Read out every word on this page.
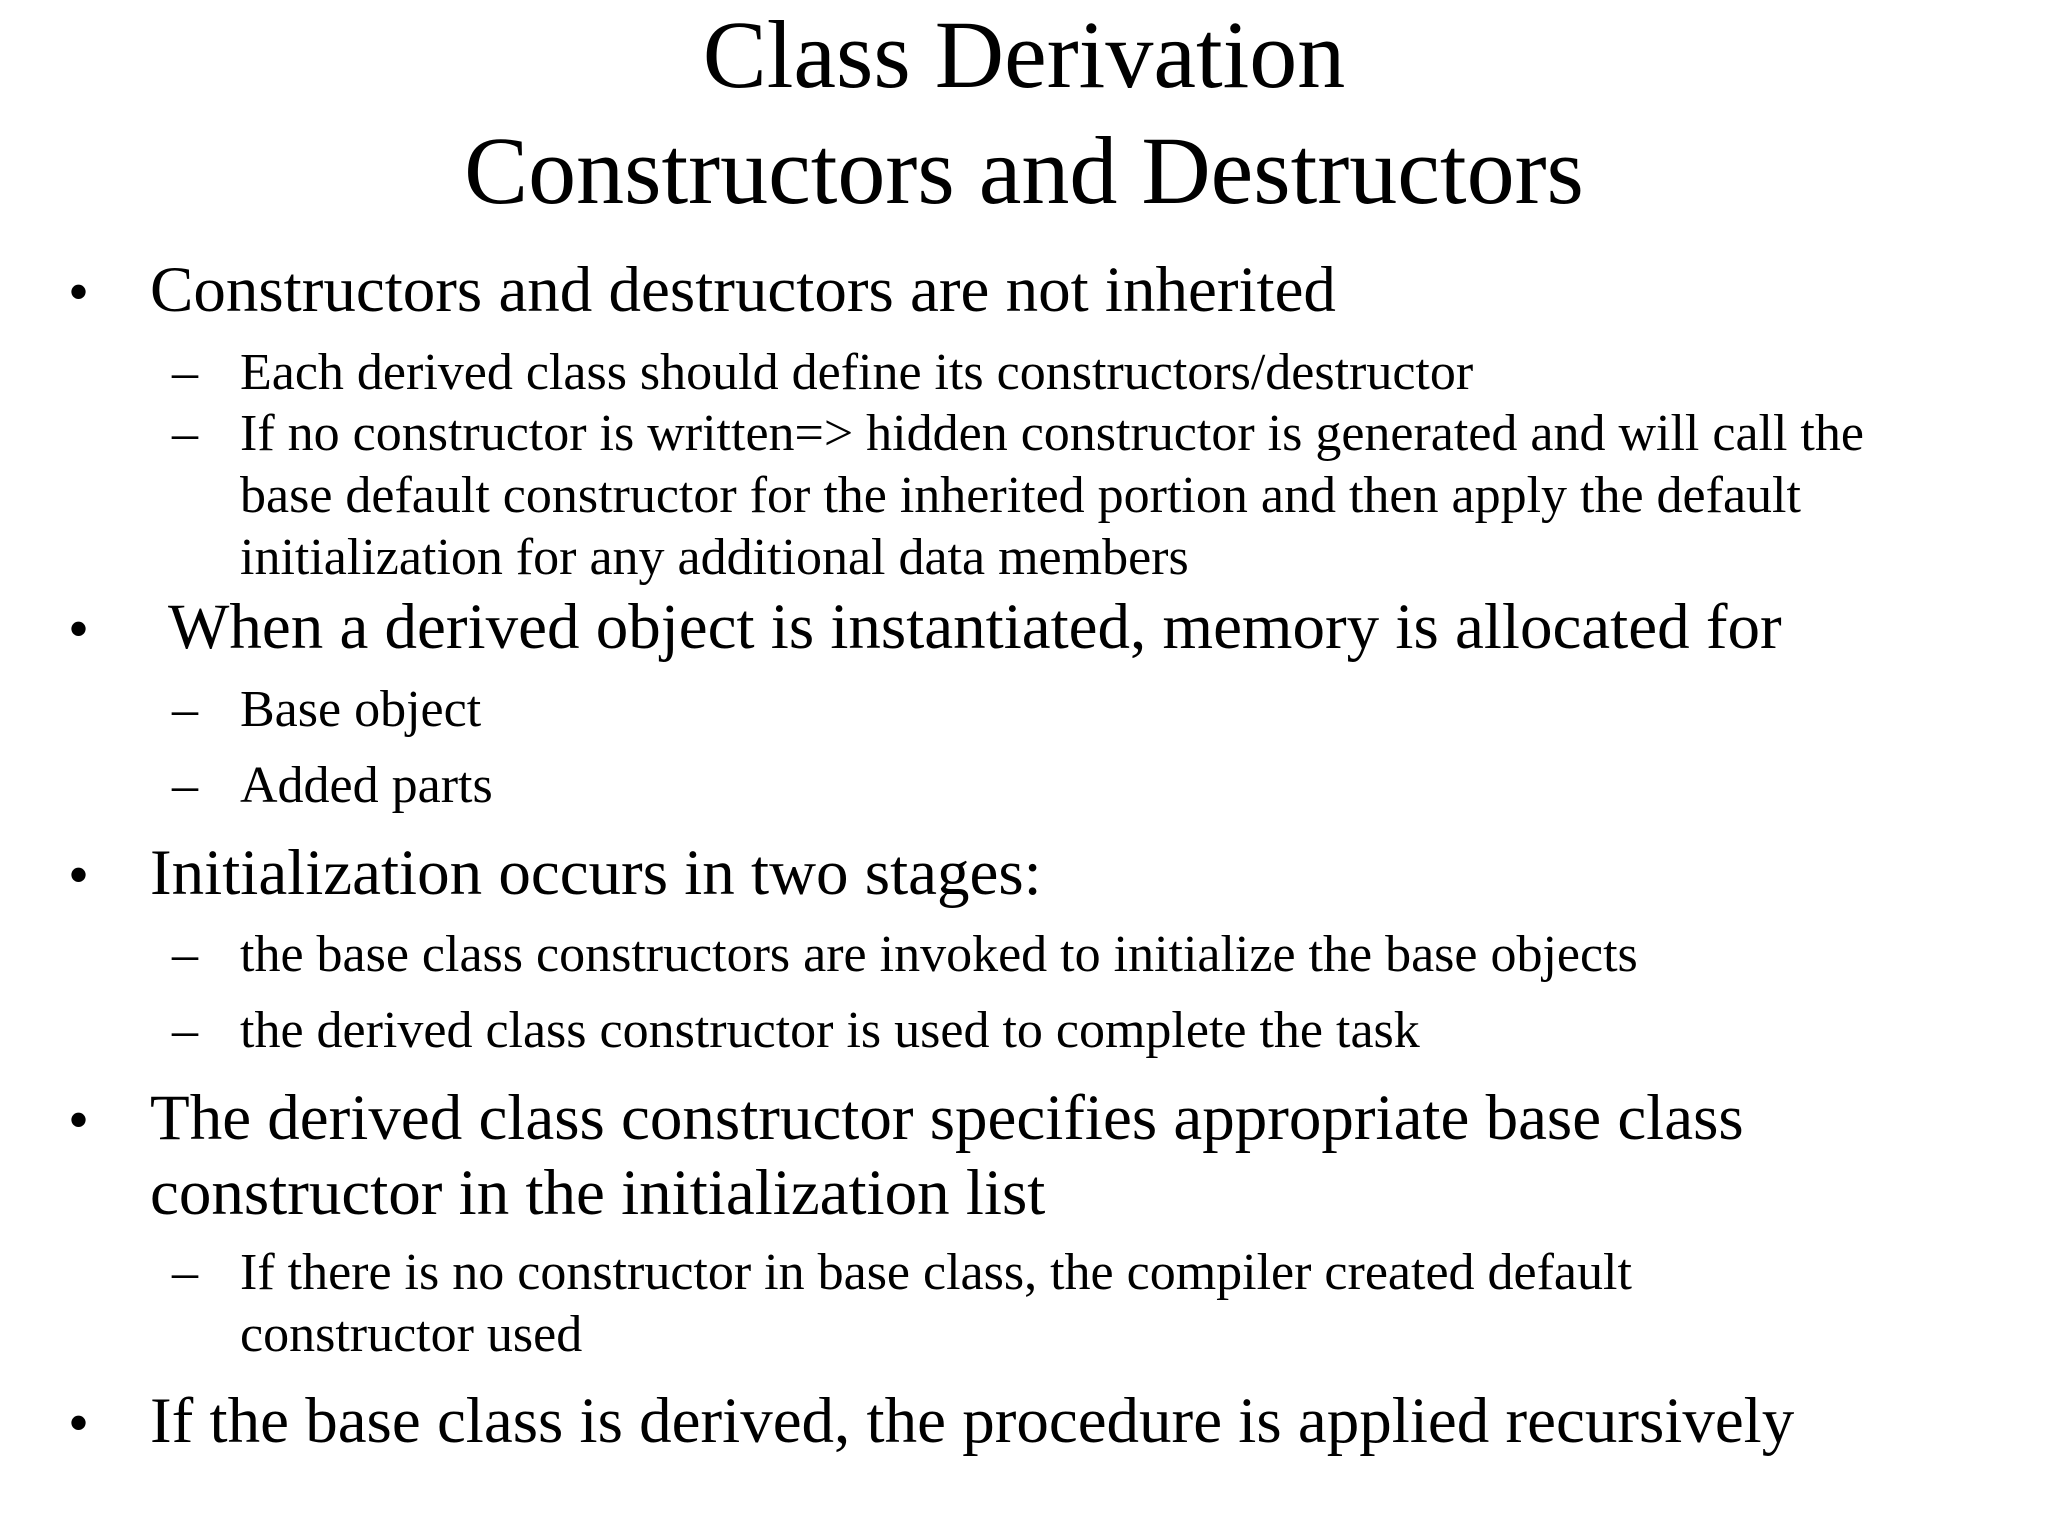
Class Derivation
Constructors and Destructors
• Constructors and destructors are not inherited
– Each derived class should define its constructors/destructor
– If no constructor is written=> hidden constructor is generated and will call the
base default constructor for the inherited portion and then apply the default
initialization for any additional data members
• When a derived object is instantiated, memory is allocated for
– Base object
– Added parts
• Initialization occurs in two stages:
– the base class constructors are invoked to initialize the base objects
– the derived class constructor is used to complete the task
• The derived class constructor specifies appropriate base class
constructor in the initialization list
– If there is no constructor in base class, the compiler created default
constructor used
• If the base class is derived, the procedure is applied recursively
